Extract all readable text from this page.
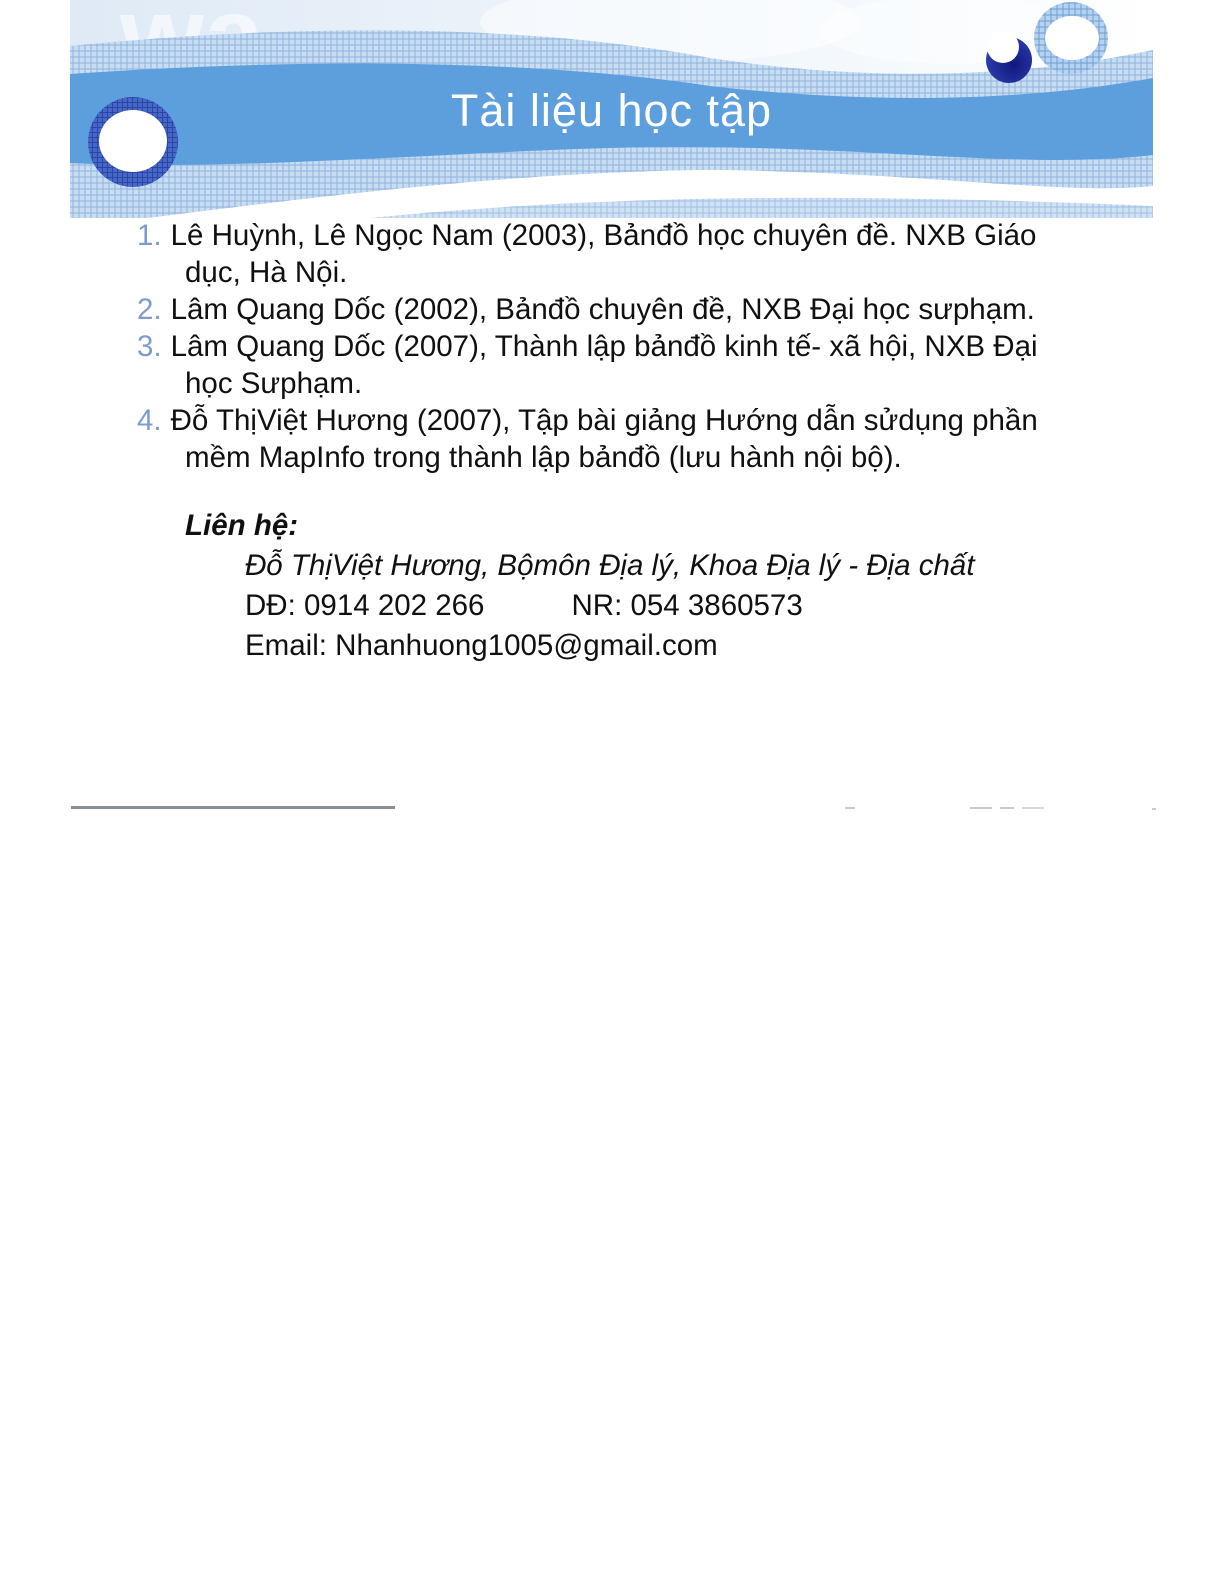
Tài liệu học tập
1. Lê Huỳnh, Lê Ngọc Nam (2003), Bảnđồ học chuyên đề. NXB Giáo dục, Hà Nội.
2. Lâm Quang Dốc (2002), Bảnđồ chuyên đề, NXB Đại học sưphạm.
3. Lâm Quang Dốc (2007), Thành lập bảnđồ kinh tế- xã hội, NXB Đại học Sưphạm.
4. Đỗ ThịViệt Hương (2007), Tập bài giảng Hướng dẫn sửdụng phần mềm MapInfo trong thành lập bảnđồ (lưu hành nội bộ).
Liên hệ:
Đỗ ThịViệt Hương, Bộmôn Địa lý, Khoa Địa lý - Địa chất
DĐ: 0914 202 266	NR: 054 3860573
Email: Nhanhuong1005@gmail.com
